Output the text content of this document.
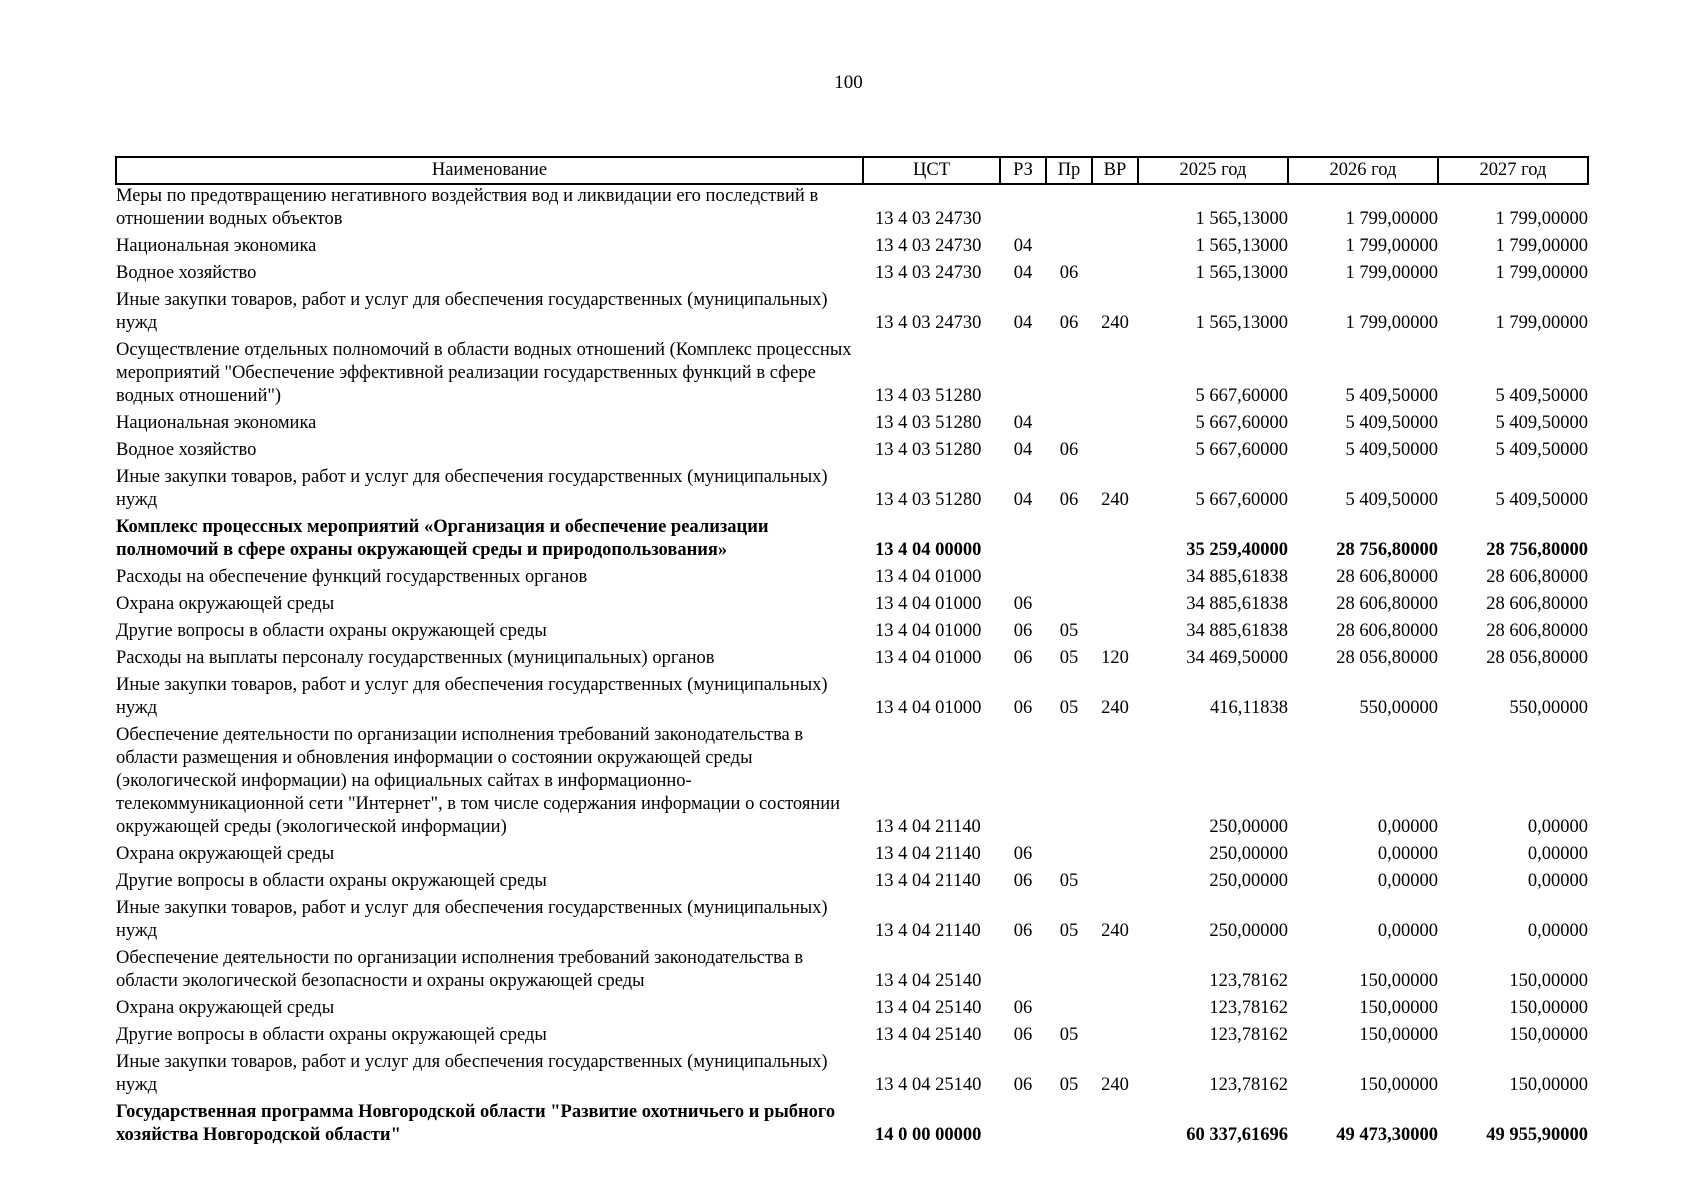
100
Наименование	ЦСТ	РЗ	Пр	ВР	2025 год	2026 год	2027 год
Меры по предотвращению негативного воздействия вод и ликвидации его последствий в отношении водных объектов	13 4 03 24730				1 565,13000	1 799,00000	1 799,00000
Национальная экономика	13 4 03 24730	04			1 565,13000	1 799,00000	1 799,00000
Водное хозяйство	13 4 03 24730	04	06		1 565,13000	1 799,00000	1 799,00000
Иные закупки товаров, работ и услуг для обеспечения государственных (муниципальных) нужд	13 4 03 24730	04	06	240	1 565,13000	1 799,00000	1 799,00000
Осуществление отдельных полномочий в области водных отношений (Комплекс процессных мероприятий "Обеспечение эффективной реализации государственных функций в сфере водных отношений")	13 4 03 51280				5 667,60000	5 409,50000	5 409,50000
Национальная экономика	13 4 03 51280	04			5 667,60000	5 409,50000	5 409,50000
Водное хозяйство	13 4 03 51280	04	06		5 667,60000	5 409,50000	5 409,50000
Иные закупки товаров, работ и услуг для обеспечения государственных (муниципальных) нужд	13 4 03 51280	04	06	240	5 667,60000	5 409,50000	5 409,50000
Комплекс процессных мероприятий «Организация и обеспечение реализации полномочий в сфере охраны окружающей среды и природопользования»	13 4 04 00000				35 259,40000	28 756,80000	28 756,80000
Расходы на обеспечение функций государственных органов	13 4 04 01000				34 885,61838	28 606,80000	28 606,80000
Охрана окружающей среды	13 4 04 01000	06			34 885,61838	28 606,80000	28 606,80000
Другие вопросы в области охраны окружающей среды	13 4 04 01000	06	05		34 885,61838	28 606,80000	28 606,80000
Расходы на выплаты персоналу государственных (муниципальных) органов	13 4 04 01000	06	05	120	34 469,50000	28 056,80000	28 056,80000
Иные закупки товаров, работ и услуг для обеспечения государственных (муниципальных) нужд	13 4 04 01000	06	05	240	416,11838	550,00000	550,00000
Обеспечение деятельности по организации исполнения требований законодательства в области размещения и обновления информации о состоянии окружающей среды (экологической информации) на официальных сайтах в информационно-телекоммуникационной сети "Интернет", в том числе содержания информации о состоянии окружающей среды (экологической информации)	13 4 04 21140				250,00000	0,00000	0,00000
Охрана окружающей среды	13 4 04 21140	06			250,00000	0,00000	0,00000
Другие вопросы в области охраны окружающей среды	13 4 04 21140	06	05		250,00000	0,00000	0,00000
Иные закупки товаров, работ и услуг для обеспечения государственных (муниципальных) нужд	13 4 04 21140	06	05	240	250,00000	0,00000	0,00000
Обеспечение деятельности по организации исполнения требований законодательства в области экологической безопасности и охраны окружающей среды	13 4 04 25140				123,78162	150,00000	150,00000
Охрана окружающей среды	13 4 04 25140	06			123,78162	150,00000	150,00000
Другие вопросы в области охраны окружающей среды	13 4 04 25140	06	05		123,78162	150,00000	150,00000
Иные закупки товаров, работ и услуг для обеспечения государственных (муниципальных) нужд	13 4 04 25140	06	05	240	123,78162	150,00000	150,00000
Государственная программа Новгородской области "Развитие охотничьего и рыбного хозяйства Новгородской области"	14 0 00 00000				60 337,61696	49 473,30000	49 955,90000
